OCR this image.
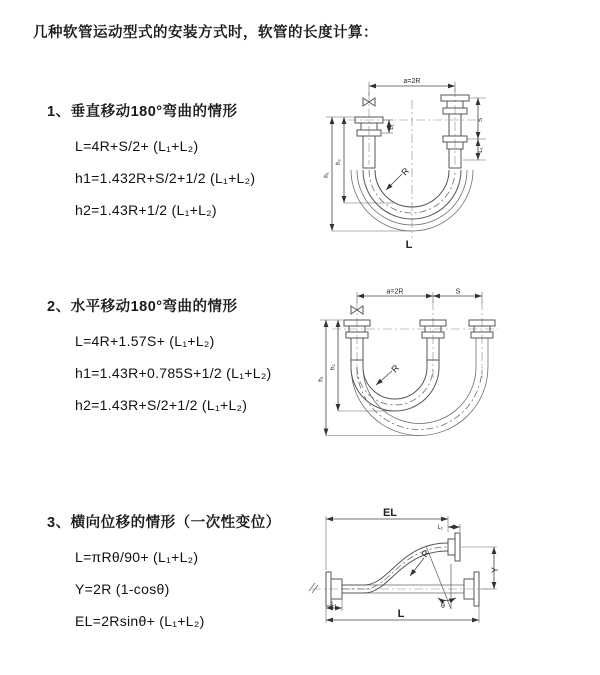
几种软管运动型式的安装方式时，软管的长度计算：
1、垂直移动180°弯曲的情形
L=4R+S/2+ (L₁+L₂)
h1=1.432R+S/2+1/2 (L₁+L₂)
h2=1.43R+1/2 (L₁+L₂)
2、水平移动180°弯曲的情形
L=4R+1.57S+ (L₁+L₂)
h1=1.43R+0.785S+1/2 (L₁+L₂)
h2=1.43R+S/2+1/2 (L₁+L₂)
3、横向位移的情形（一次性变位）
L=πRθ/90+ (L₁+L₂)
Y=2R (1-cosθ)
EL=2Rsinθ+ (L₁+L₂)
a=2R
S
L₁
L₁
h₁
h₂
R
L
a=2R	S
h₁
h₂	R
EL
L₁
Y
L
L₁
R
θ
